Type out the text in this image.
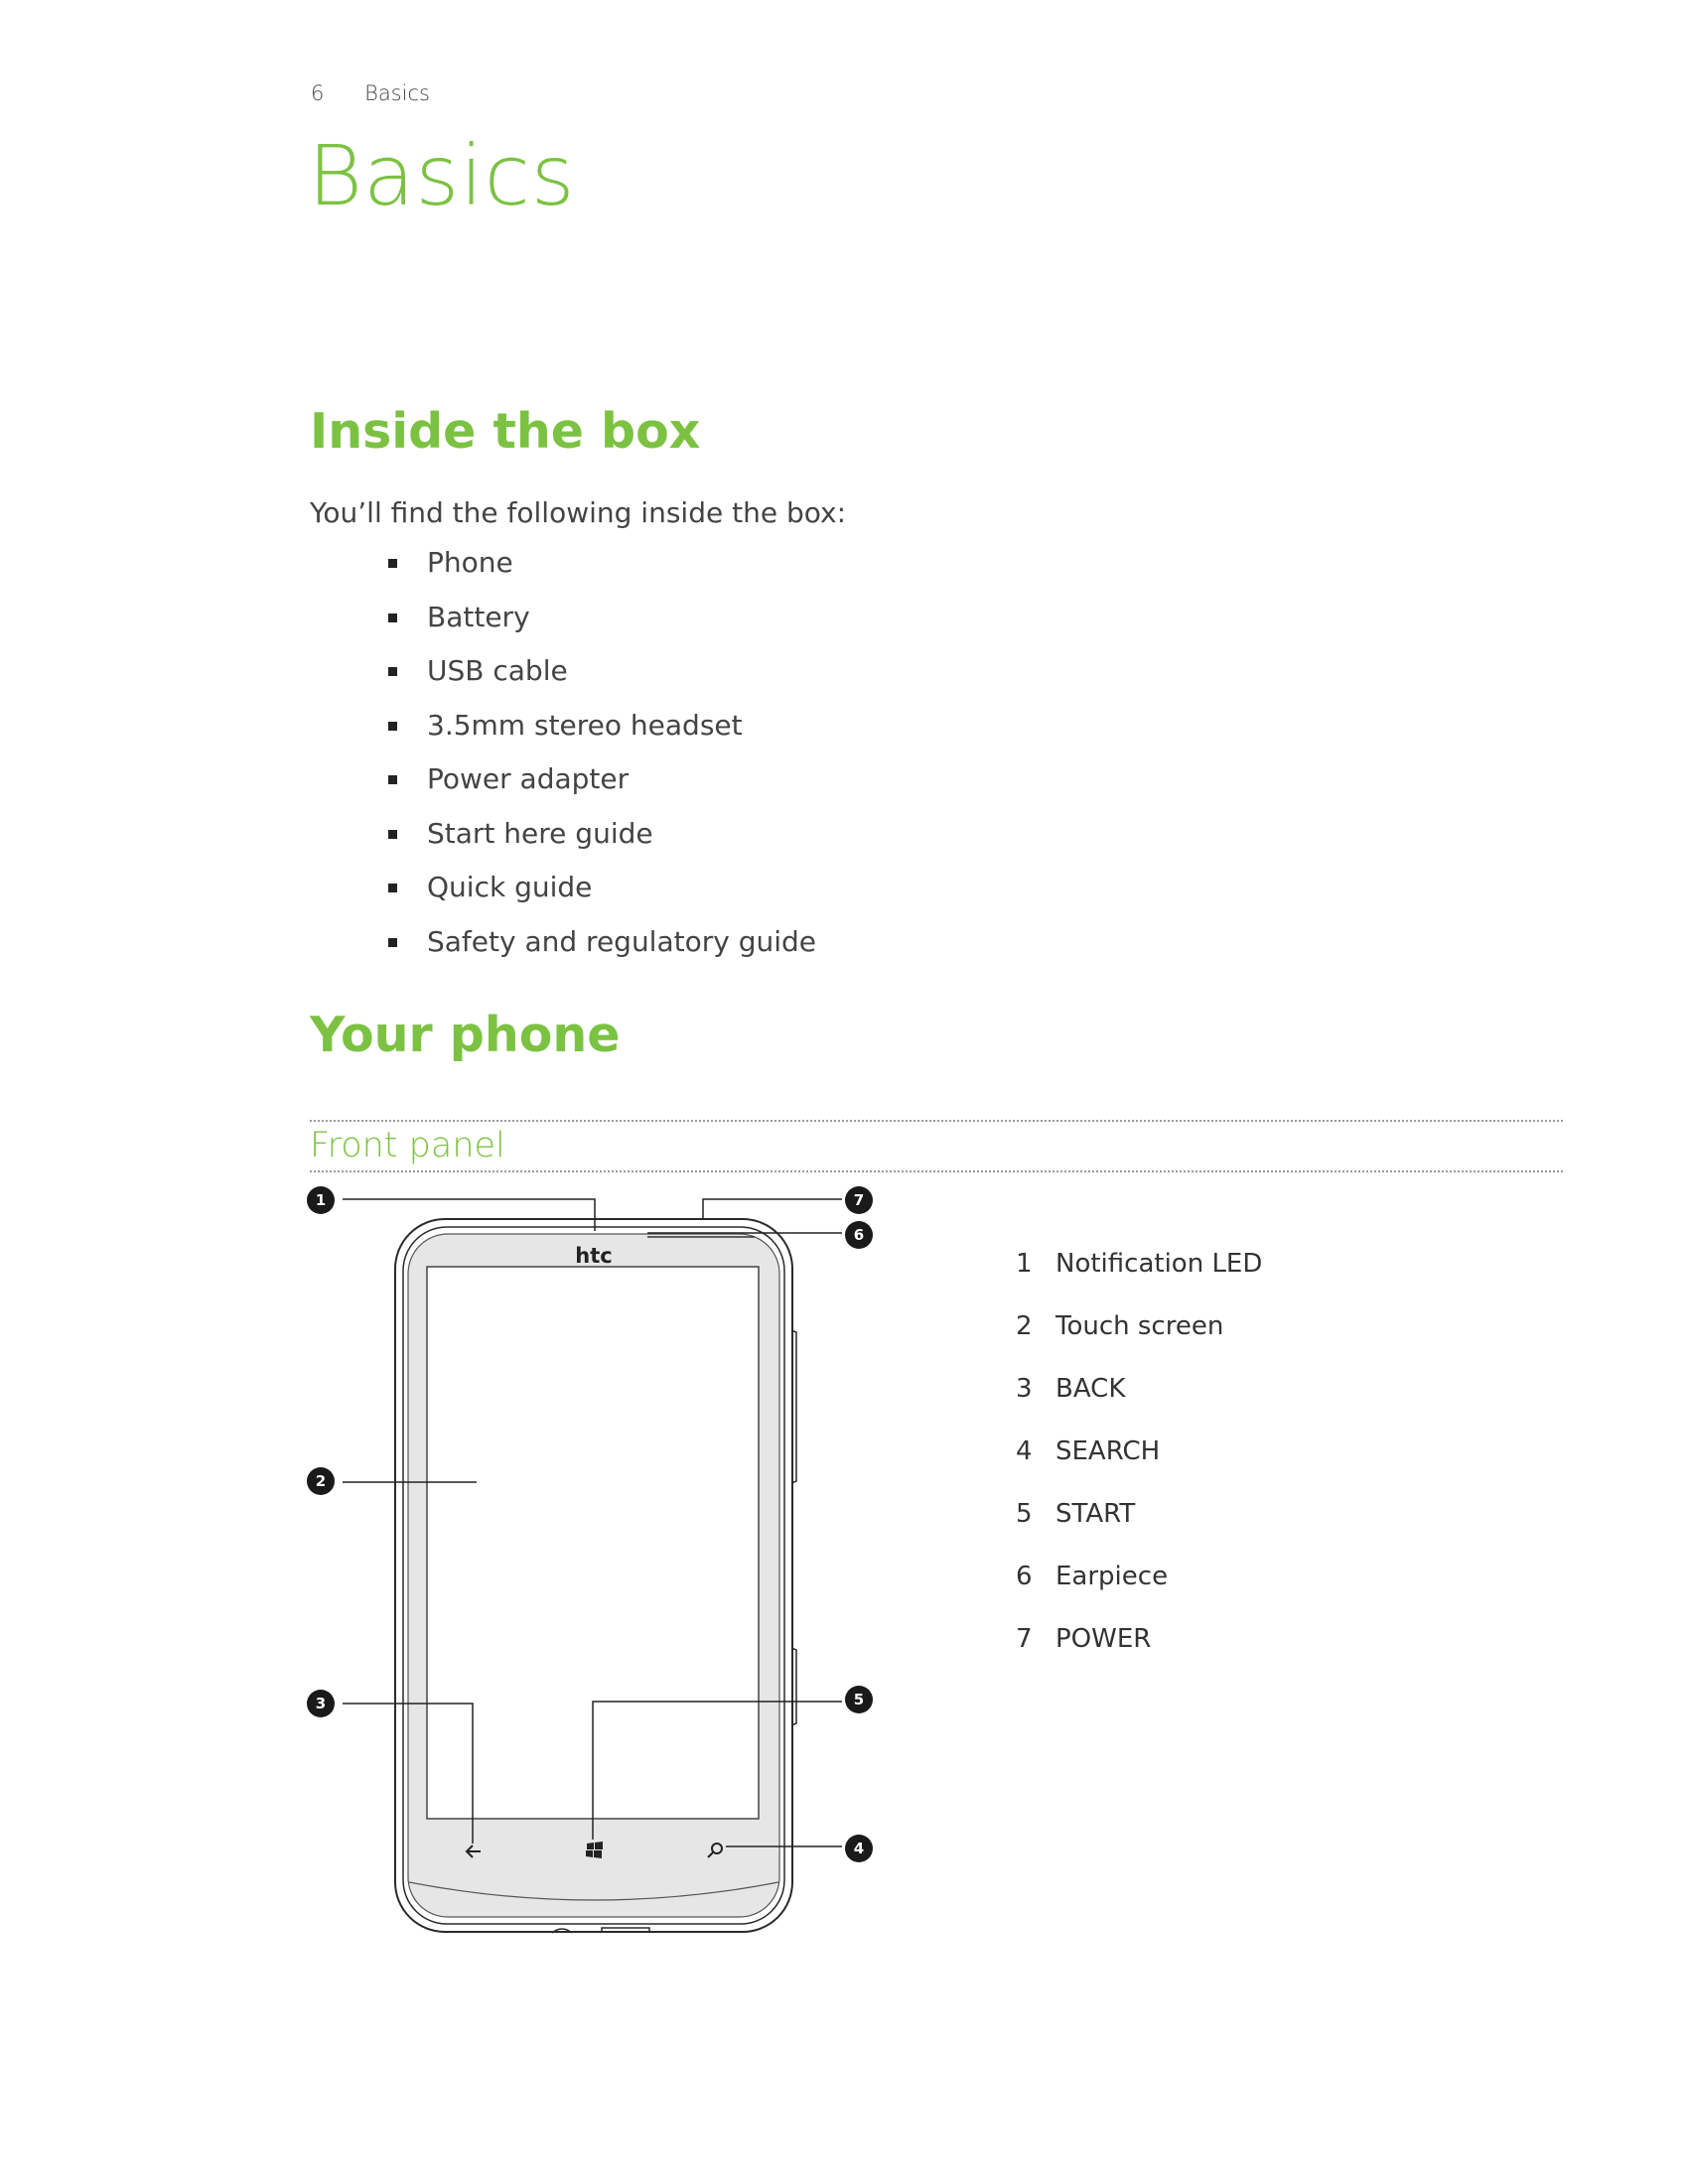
6 Basics
Basics
Inside the box
You’ll find the following inside the box:
Phone
Battery
USB cable
3.5mm stereo headset
Power adapter
Start here guide
Quick guide
Safety and regulatory guide
Your phone
Front panel
htc
1
2
3
4
5
6
7
1 Notification LED
2 Touch screen
3 BACK
4 SEARCH
5 START
6 Earpiece
7 POWER
